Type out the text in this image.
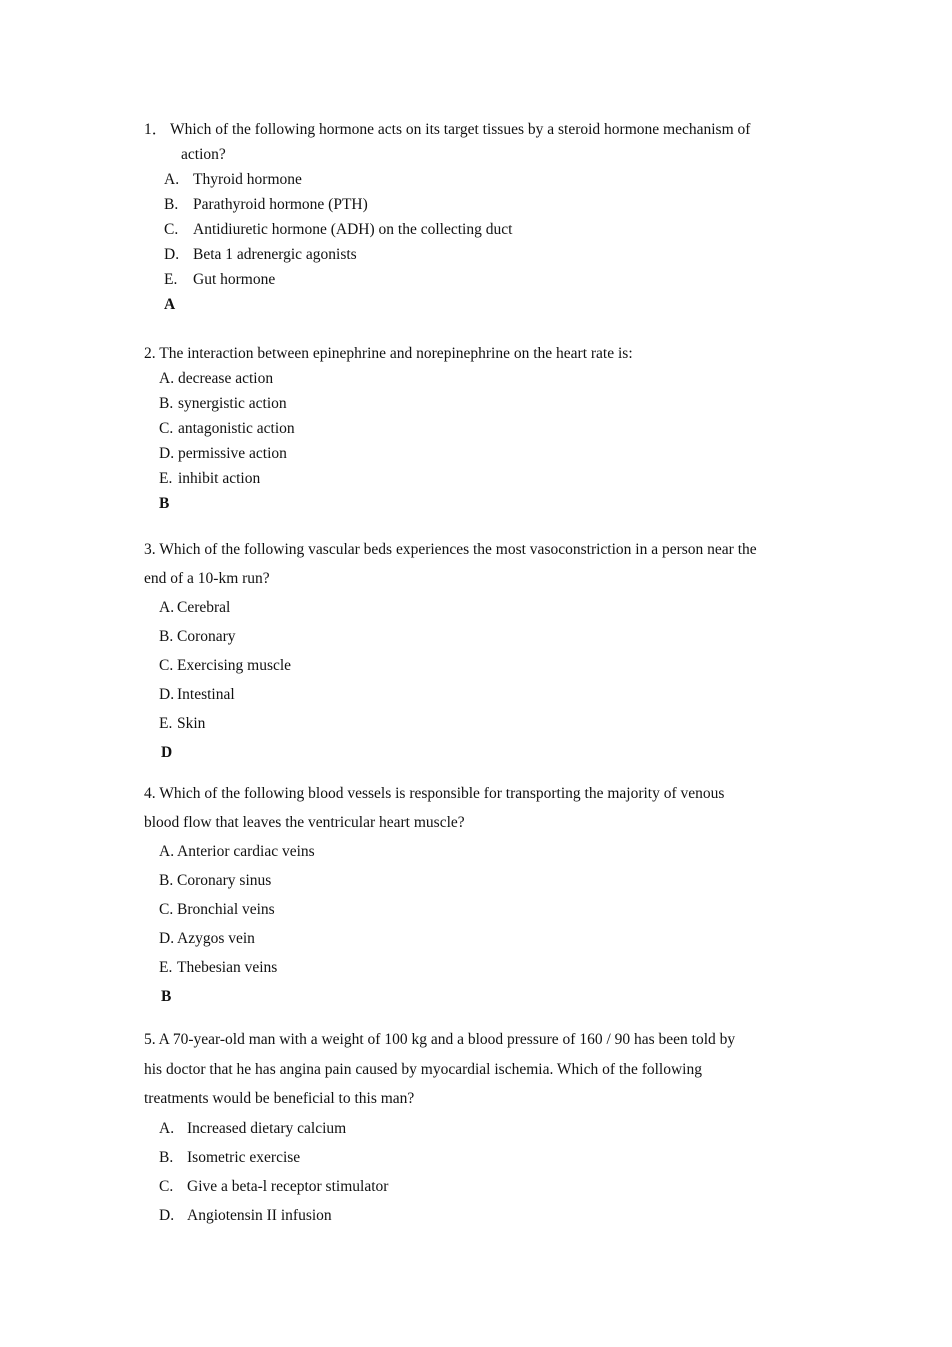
1． Which of the following hormone acts on its target tissues by a steroid hormone mechanism of
action?

A. Thyroid hormone

B. Parathyroid hormone (PTH)

C. Antidiuretic hormone (ADH) on the collecting duct

D. Beta 1 adrenergic agonists

E. Gut hormone

A

2. The interaction between epinephrine and norepinephrine on the heart rate is:

A. decrease action

B. synergistic action

C. antagonistic action

D. permissive action

E. inhibit action

B

3. Which of the following vascular beds experiences the most vasoconstriction in a person near the

end of a 10-km run?

A. Cerebral

B. Coronary

C. Exercising muscle

D. Intestinal

E. Skin

D

4. Which of the following blood vessels is responsible for transporting the majority of venous

blood flow that leaves the ventricular heart muscle?

A. Anterior cardiac veins

B. Coronary sinus

C. Bronchial veins

D. Azygos vein

E. Thebesian veins

B

5. A 70-year-old man with a weight of 100 kg and a blood pressure of 160 / 90 has been told by

his doctor that he has angina pain caused by myocardial ischemia. Which of the following

treatments would be beneficial to this man?

A. Increased dietary calcium

B. Isometric exercise

C. Give a beta-l receptor stimulator

D. Angiotensin II infusion
